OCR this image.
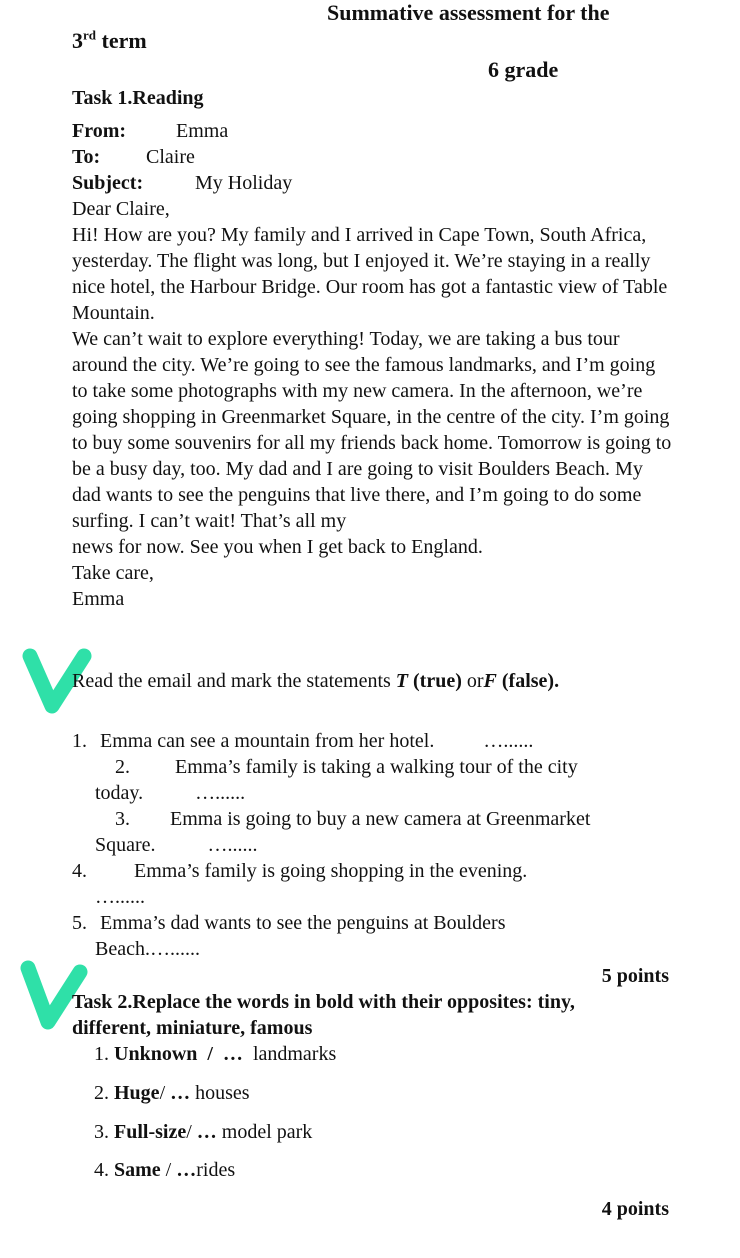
Summative assessment for the
3rd term
6 grade
Task 1.Reading
From: Emma
To: Claire
Subject:	My Holiday
Dear Claire,

Hi! How are you? My family and I arrived in Cape Town, South Africa, yesterday. The flight was long, but I enjoyed it. We’re staying in a really nice hotel, the Harbour Bridge. Our room has got a fantastic view of Table Mountain.

We can’t wait to explore everything! Today, we are taking a bus tour around the city. We’re going to see the famous landmarks, and I’m going to take some photographs with my new camera. In the afternoon, we’re going shopping in Greenmarket Square, in the centre of the city. I’m going to buy some souvenirs for all my friends back home. Tomorrow is going to be a busy day, too. My dad and I are going to visit Boulders Beach. My dad wants to see the penguins that live there, and I’m going to do some surfing. I can’t wait! That’s all my

news for now. See you when I get back to England.

Take care,

Emma

Read the email and mark the statements T (true) orF (false).
1. Emma can see a mountain from her hotel. …......
2. Emma’s family is taking a walking tour of the city
today.	…......
3. Emma is going to buy a new camera at Greenmarket
Square.	…......
4. Emma’s family is going shopping in the evening.
…......
5. Emma’s dad wants to see the penguins at Boulders
Beach.…......
5 points
Task 2.Replace the words in bold with their opposites: tiny,
different, miniature, famous
1. Unknown  /  …  landmarks
2. Huge/ … houses
3. Full-size/ … model park
4. Same / …rides
4 points
